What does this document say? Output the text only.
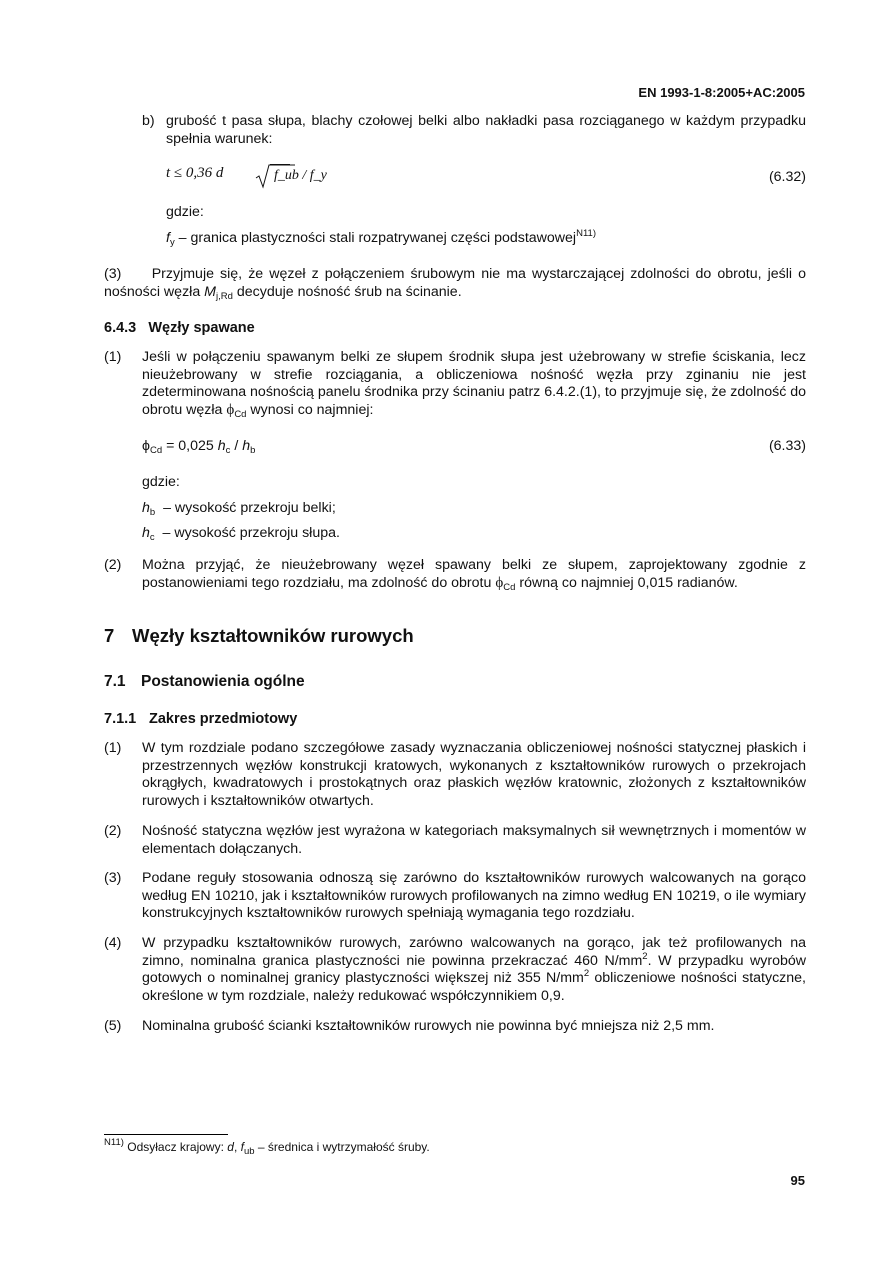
EN 1993-1-8:2005+AC:2005
b) grubość t pasa słupa, blachy czołowej belki albo nakładki pasa rozciąganego w każdym przypadku spełnia warunek:
t ≤ 0,36 d	f_ub / f_y	(6.32)
gdzie:
$f_y$ – granica plastyczności stali rozpatrywanej części podstawowej$^{N11)}$
(3) Przyjmuje się, że węzeł z połączeniem śrubowym nie ma wystarczającej zdolności do obrotu, jeśli o nośności węzła $M_{j,Rd}$ decyduje nośność śrub na ścinanie.
6.4.3 Węzły spawane
(1) Jeśli w połączeniu spawanym belki ze słupem środnik słupa jest użebrowany w strefie ściskania, lecz nieużebrowany w strefie rozciągania, a obliczeniowa nośność węzła przy zginaniu nie jest zdeterminowana nośnością panelu środnika przy ścinaniu patrz 6.4.2.(1), to przyjmuje się, że zdolność do obrotu węzła $\phi_{Cd}$ wynosi co najmniej:
$\phi_{Cd} = 0,025$ $h_c / h_b$	(6.33)
gdzie:
$h_b$ – wysokość przekroju belki;
$h_c$ – wysokość przekroju słupa.
(2) Można przyjąć, że nieużebrowany węzeł spawany belki ze słupem, zaprojektowany zgodnie z postanowieniami tego rozdziału, ma zdolność do obrotu $\phi_{Cd}$ równą co najmniej 0,015 radianów.
7 Węzły kształtowników rurowych
7.1 Postanowienia ogólne
7.1.1 Zakres przedmiotowy
(1) W tym rozdziale podano szczegółowe zasady wyznaczania obliczeniowej nośności statycznej płaskich i przestrzennych węzłów konstrukcji kratowych, wykonanych z kształtowników rurowych o przekrojach okrągłych, kwadratowych i prostokątnych oraz płaskich węzłów kratownic, złożonych z kształtowników rurowych i kształtowników otwartych.
(2) Nośność statyczna węzłów jest wyrażona w kategoriach maksymalnych sił wewnętrznych i momentów w elementach dołączanych.
(3) Podane reguły stosowania odnoszą się zarówno do kształtowników rurowych walcowanych na gorąco według EN 10210, jak i kształtowników rurowych profilowanych na zimno według EN 10219, o ile wymiary konstrukcyjnych kształtowników rurowych spełniają wymagania tego rozdziału.
(4) W przypadku kształtowników rurowych, zarówno walcowanych na gorąco, jak też profilowanych na zimno, nominalna granica plastyczności nie powinna przekraczać 460 $N/mm^2$. W przypadku wyrobów gotowych o nominalnej granicy plastyczności większej niż 355 $N/mm^2$ obliczeniowe nośności statyczne, określone w tym rozdziale, należy redukować współczynnikiem 0,9.
(5) Nominalna grubość ścianki kształtowników rurowych nie powinna być mniejsza niż 2,5 mm.
$^{N11)}$ Odsyłacz krajowy: d, $f_{ub}$ – średnica i wytrzymałość śruby.
95
